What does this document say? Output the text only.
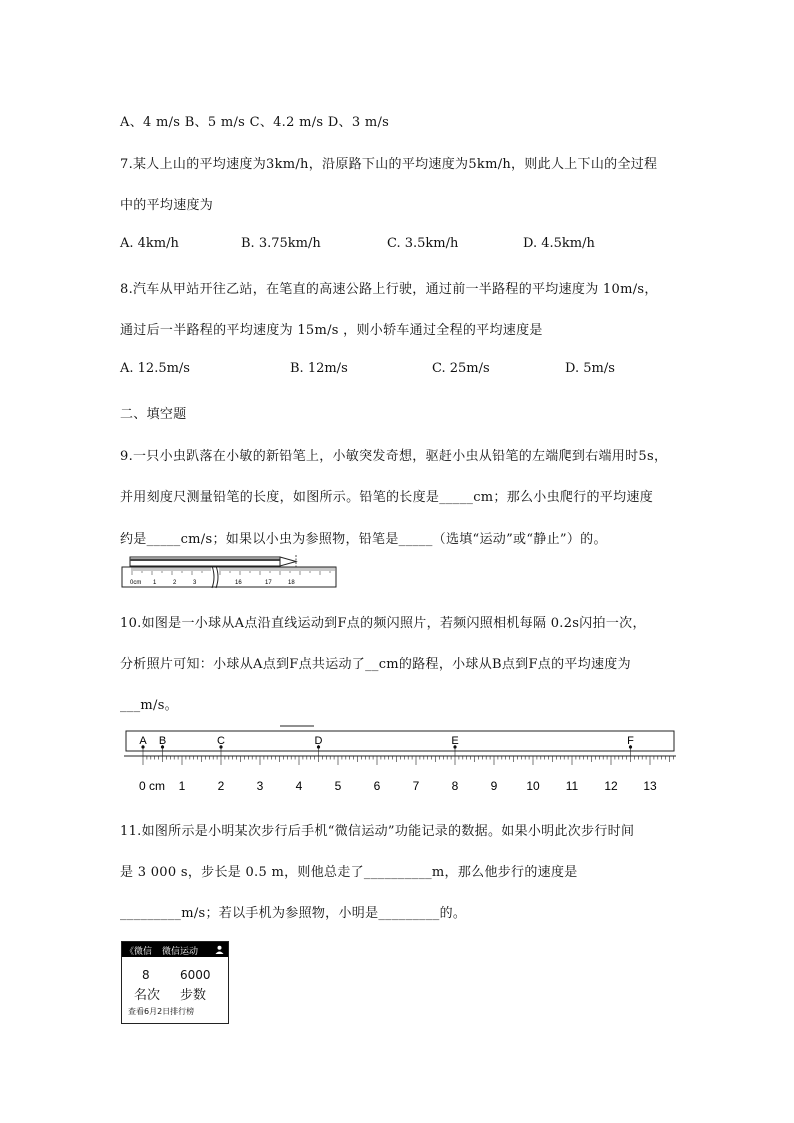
A、4 m/s B、5 m/s C、4.2 m/s D、3 m/s
7.某人上山的平均速度为3km/h，沿原路下山的平均速度为5km/h，则此人上下山的全过程
中的平均速度为
A. 4km/h	B. 3.75km/h	C. 3.5km/h	D. 4.5km/h
8.汽车从甲站开往乙站，在笔直的高速公路上行驶，通过前一半路程的平均速度为 10m/s，
通过后一半路程的平均速度为 15m/s ，则小轿车通过全程的平均速度是
A. 12.5m/s	B. 12m/s	C. 25m/s	D. 5m/s
二、填空题
9.一只小虫趴落在小敏的新铅笔上，小敏突发奇想，驱赶小虫从铅笔的左端爬到右端用时5s，
并用刻度尺测量铅笔的长度，如图所示。铅笔的长度是_____cm；那么小虫爬行的平均速度
约是_____cm/s；如果以小虫为参照物，铅笔是_____（选填“运动”或“静止”）的。
0cm 1	2	3	16	17	18
10.如图是一小球从A点沿直线运动到F点的频闪照片，若频闪照相机每隔 0.2s闪拍一次，
分析照片可知：小球从A点到F点共运动了__cm的路程，小球从B点到F点的平均速度为
___m/s。
A B	C	D	E	F
0 cm 1	2	3	4	5	6	7	8	9 10 11 12 13
11.如图所示是小明某次步行后手机“微信运动”功能记录的数据。如果小明此次步行时间
是 3 000 s，步长是 0.5 m，则他总走了__________m，那么他步行的速度是
_________m/s；若以手机为参照物，小明是_________的。
《微信 微信运动
8	6000
名次 步数
查看6月2日排行榜
